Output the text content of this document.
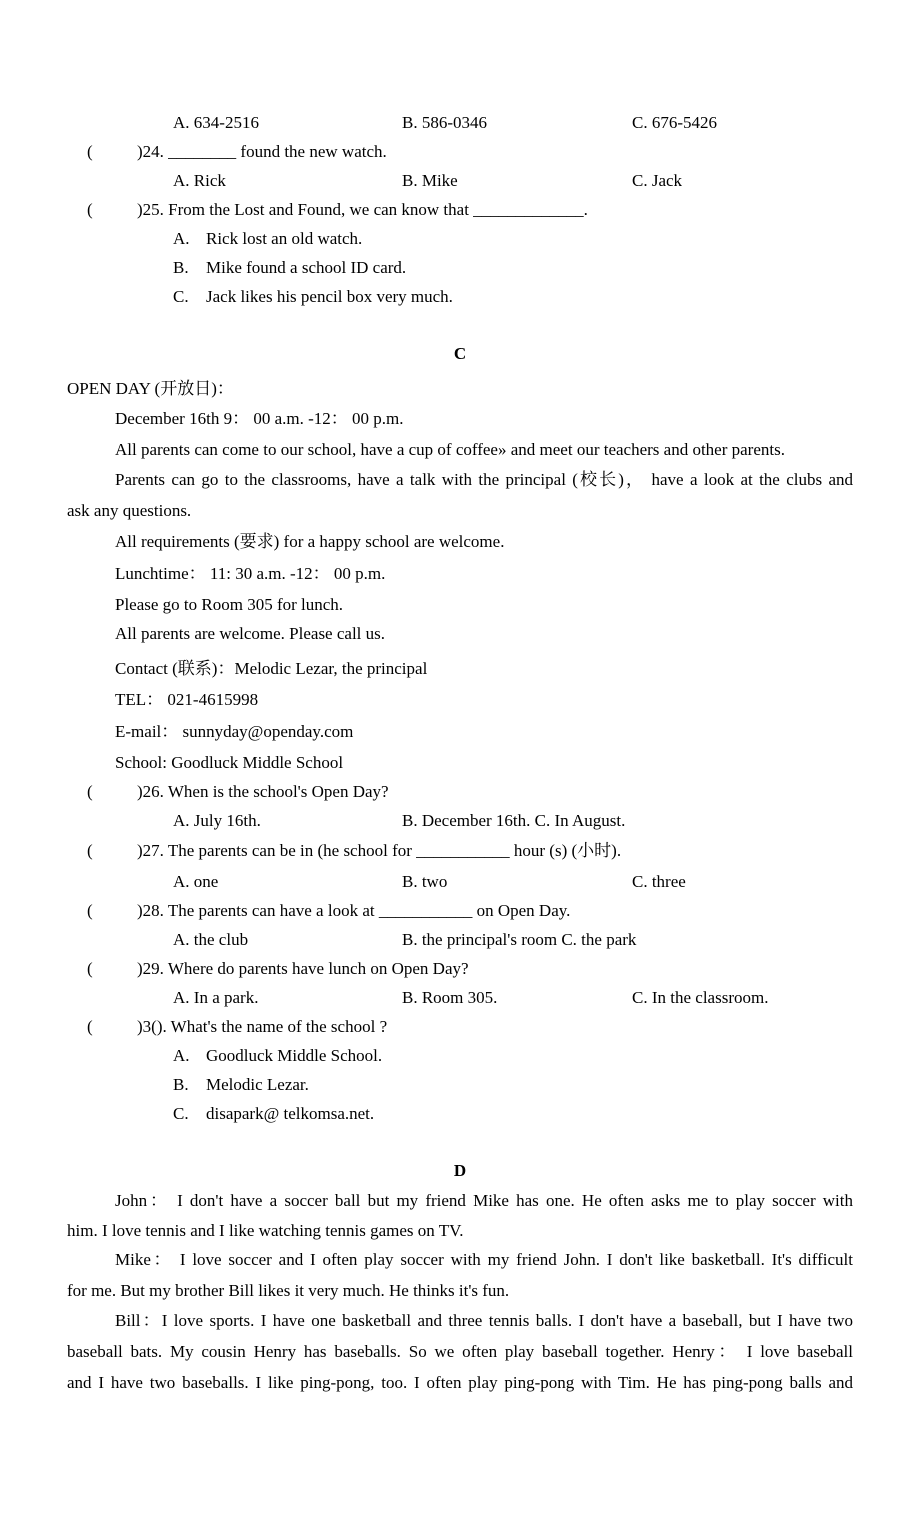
A. 634-2516	B. 586-0346	C. 676-5426
(	)24. ________ found the new watch.
A. Rick	B. Mike	C. Jack
(	)25. From the Lost and Found, we can know that _____________.
A. Rick lost an old watch.
B. Mike found a school ID card.
C. Jack likes his pencil box very much.
C
OPEN DAY (开放日)：
December 16th 9： 00 a.m. -12： 00 p.m.
All parents can come to our school, have a cup of coffee» and meet our teachers and other parents.
Parents can go to the classrooms, have a talk with the principal (校长)， have a look at the clubs and
ask any questions.
All requirements (要求) for a happy school are welcome.
Lunchtime： 11: 30 a.m. -12： 00 p.m.
Please go to Room 305 for lunch.
All parents are welcome. Please call us.
Contact (联系)：Melodic Lezar, the principal
TEL： 021-4615998
E-mail： sunnyday@openday.com
School: Goodluck Middle School
(	)26. When is the school's Open Day?
A. July 16th.	B. December 16th. C. In August.
(	)27. The parents can be in (he school for ___________ hour (s) (小时).
A. one	B. two	C. three
(	)28. The parents can have a look at ___________ on Open Day.
A. the club	B. the principal's room C. the park
(	)29. Where do parents have lunch on Open Day?
A. In a park.	B. Room 305.	C. In the classroom.
(	)3(). What's the name of the school ?
A. Goodluck Middle School.
B. Melodic Lezar.
C. disapark@ telkomsa.net.
D
John： I don't have a soccer ball but my friend Mike has one. He often asks me to play soccer with
him. I love tennis and I like watching tennis games on TV.
Mike： I love soccer and I often play soccer with my friend John. I don't like basketball. It's difficult
for me. But my brother Bill likes it very much. He thinks it's fun.
Bill：I love sports. I have one basketball and three tennis balls. I don't have a baseball, but I have two
baseball bats. My cousin Henry has baseballs. So we often play baseball together. Henry： I love baseball
and I have two baseballs. I like ping-pong, too. I often play ping-pong with Tim. He has ping-pong balls and
